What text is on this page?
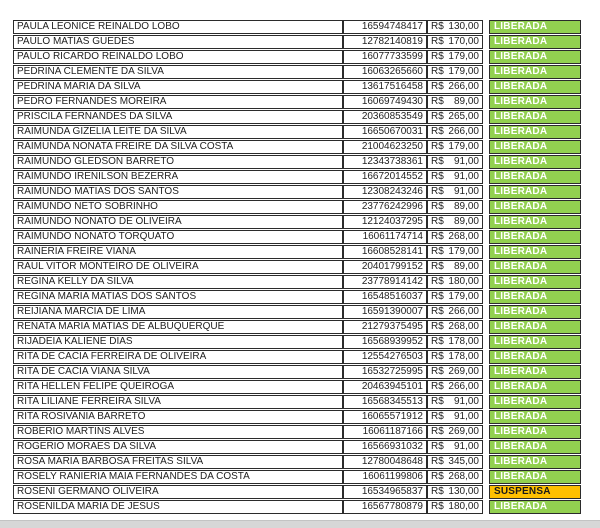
PAULA LEONICE REINALDO LOBO	16594748417 R$ 130,00	LIBERADA
PAULO MATIAS GUEDES	12782140819 R$ 170,00	LIBERADA
PAULO RICARDO REINALDO LOBO	16077733599 R$ 179,00	LIBERADA
PEDRINA CLEMENTE DA SILVA	16063265660 R$ 179,00	LIBERADA
PEDRINA MARIA DA SILVA	13617516458 R$ 266,00	LIBERADA
PEDRO FERNANDES MOREIRA	16069749430 R$ 89,00	LIBERADA
PRISCILA FERNANDES DA SILVA	20360853549 R$ 265,00	LIBERADA
RAIMUNDA GIZELIA LEITE DA SILVA	16650670031 R$ 266,00	LIBERADA
RAIMUNDA NONATA FREIRE DA SILVA COSTA	21004623250 R$ 179,00	LIBERADA
RAIMUNDO GLEDSON BARRETO	12343738361 R$ 91,00	LIBERADA
RAIMUNDO IRENILSON BEZERRA	16672014552 R$ 91,00	LIBERADA
RAIMUNDO MATIAS DOS SANTOS	12308243246 R$ 91,00	LIBERADA
RAIMUNDO NETO SOBRINHO	23776242996 R$ 89,00	LIBERADA
RAIMUNDO NONATO DE OLIVEIRA	12124037295 R$ 89,00	LIBERADA
RAIMUNDO NONATO TORQUATO	16061174714 R$ 268,00	LIBERADA
RAINERIA FREIRE VIANA	16608528141 R$ 179,00	LIBERADA
RAUL VITOR MONTEIRO DE OLIVEIRA	20401799152 R$ 89,00	LIBERADA
REGINA KELLY DA SILVA	23778914142 R$ 180,00	LIBERADA
REGINA MARIA MATIAS DOS SANTOS	16548516037 R$ 179,00	LIBERADA
REIJIANA MARCIA DE LIMA	16591390007 R$ 266,00	LIBERADA
RENATA MARIA MATIAS DE ALBUQUERQUE	21279375495 R$ 268,00	LIBERADA
RIJADEIA KALIENE DIAS	16568939952 R$ 178,00	LIBERADA
RITA DE CACIA FERREIRA DE OLIVEIRA	12554276503 R$ 178,00	LIBERADA
RITA DE CACIA VIANA SILVA	16532725995 R$ 269,00	LIBERADA
RITA HELLEN FELIPE QUEIROGA	20463945101 R$ 266,00	LIBERADA
RITA LILIANE FERREIRA SILVA	16568345513 R$ 91,00	LIBERADA
RITA ROSIVANIA BARRETO	16065571912 R$ 91,00	LIBERADA
ROBERIO MARTINS ALVES	16061187166 R$ 269,00	LIBERADA
ROGERIO MORAES DA SILVA	16566931032 R$ 91,00	LIBERADA
ROSA MARIA BARBOSA FREITAS SILVA	12780048648 R$ 345,00	LIBERADA
ROSELY RANIERIA MAIA FERNANDES DA COSTA	16061199806 R$ 268,00	LIBERADA
ROSENI GERMANO OLIVEIRA	16534965837 R$ 130,00	SUSPENSA
ROSENILDA MARIA DE JESUS	16567780879 R$ 180,00	LIBERADA
